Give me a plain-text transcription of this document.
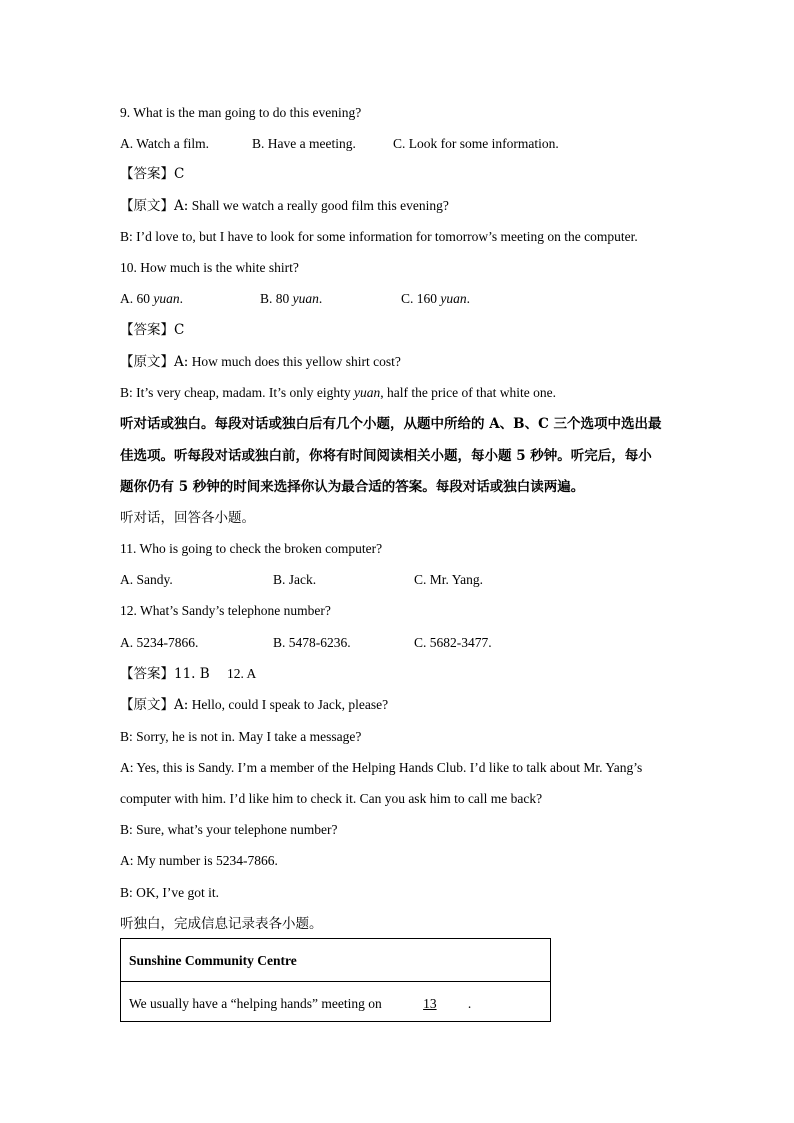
9. What is the man going to do this evening?
A. Watch a film.	B. Have a meeting.	C. Look for some information.
【答案】C
【原文】A: Shall we watch a really good film this evening?
B: I’d love to, but I have to look for some information for tomorrow’s meeting on the computer.
10. How much is the white shirt?
A. 60 yuan.	B. 80 yuan.	C. 160 yuan.
【答案】C
【原文】A: How much does this yellow shirt cost?
B: It’s very cheap, madam. It’s only eighty yuan, half the price of that white one.
听对话或独白。每段对话或独白后有几个小题，从题中所给的 A、B、C 三个选项中选出最
佳选项。听每段对话或独白前，你将有时间阅读相关小题，每小题 5 秒钟。听完后，每小
题你仍有 5 秒钟的时间来选择你认为最合适的答案。每段对话或独白读两遍。
听对话，回答各小题。
11. Who is going to check the broken computer?
A. Sandy.	B. Jack.	C. Mr. Yang.
12. What’s Sandy’s telephone number?
A. 5234-7866.	B. 5478-6236.	C. 5682-3477.
【答案】11. B 12. A
【原文】A: Hello, could I speak to Jack, please?
B: Sorry, he is not in. May I take a message?
A: Yes, this is Sandy. I’m a member of the Helping Hands Club. I’d like to talk about Mr. Yang’s
computer with him. I’d like him to check it. Can you ask him to call me back?
B: Sure, what’s your telephone number?
A: My number is 5234-7866.
B: OK, I’ve got it.
听独白，完成信息记录表各小题。
Sunshine Community Centre
We usually have a “helping hands” meeting on	13 .
